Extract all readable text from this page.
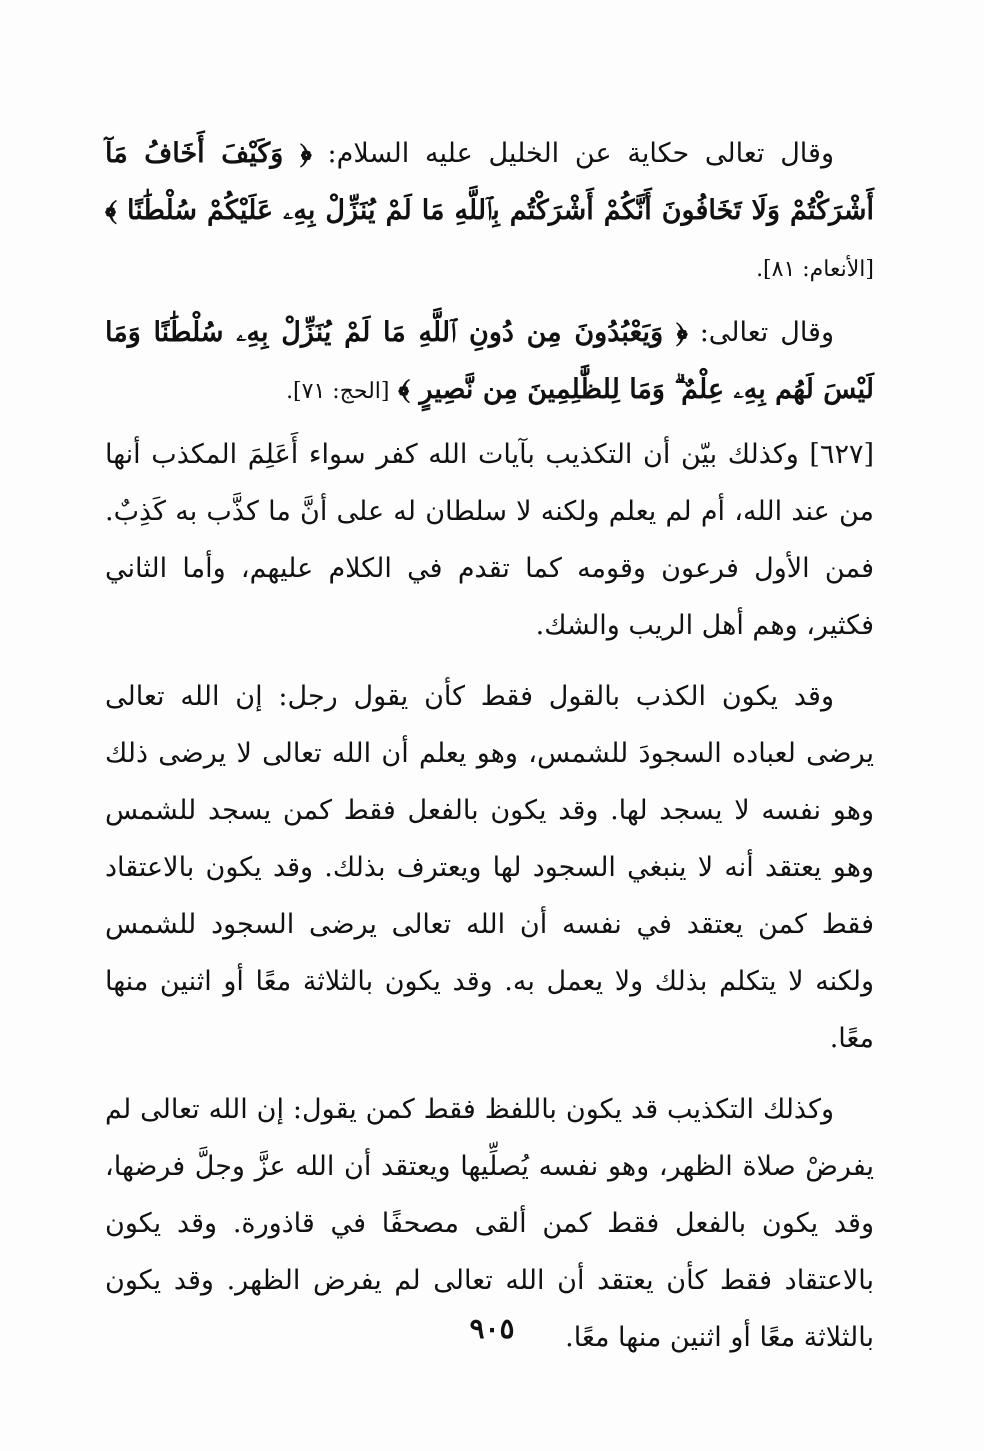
وقال تعالى حكاية عن الخليل عليه السلام: ﴿ وَكَيْفَ أَخَافُ مَآ أَشْرَكْتُمْ وَلَا تَخَافُونَ أَنَّكُمْ أَشْرَكْتُم بِٱللَّهِ مَا لَمْ يُنَزِّلْ بِهِۦ عَلَيْكُمْ سُلْطَٰنًا ﴾ [الأنعام: ٨١].

وقال تعالى: ﴿ وَيَعْبُدُونَ مِن دُونِ ٱللَّهِ مَا لَمْ يُنَزِّلْ بِهِۦ سُلْطَٰنًا وَمَا لَيْسَ لَهُم بِهِۦ عِلْمٌ ۗ وَمَا لِلظَّٰلِمِينَ مِن نَّصِيرٍ ﴾ [الحج: ٧١].

[٦٢٧] وكذلك بيّن أن التكذيب بآيات الله كفر سواء أَعَلِمَ المكذب أنها من عند الله، أم لم يعلم ولكنه لا سلطان له على أنَّ ما كذَّب به كَذِبٌ. فمن الأول فرعون وقومه كما تقدم في الكلام عليهم، وأما الثاني فكثير، وهم أهل الريب والشك.

وقد يكون الكذب بالقول فقط كأن يقول رجل: إن الله تعالى يرضى لعباده السجودَ للشمس، وهو يعلم أن الله تعالى لا يرضى ذلك وهو نفسه لا يسجد لها. وقد يكون بالفعل فقط كمن يسجد للشمس وهو يعتقد أنه لا ينبغي السجود لها ويعترف بذلك. وقد يكون بالاعتقاد فقط كمن يعتقد في نفسه أن الله تعالى يرضى السجود للشمس ولكنه لا يتكلم بذلك ولا يعمل به. وقد يكون بالثلاثة معًا أو اثنين منها معًا.

وكذلك التكذيب قد يكون باللفظ فقط كمن يقول: إن الله تعالى لم يفرضْ صلاة الظهر، وهو نفسه يُصلِّيها ويعتقد أن الله عزَّ وجلَّ فرضها، وقد يكون بالفعل فقط كمن ألقى مصحفًا في قاذورة. وقد يكون بالاعتقاد فقط كأن يعتقد أن الله تعالى لم يفرض الظهر. وقد يكون بالثلاثة معًا أو اثنين منها معًا.

٩٠٥
